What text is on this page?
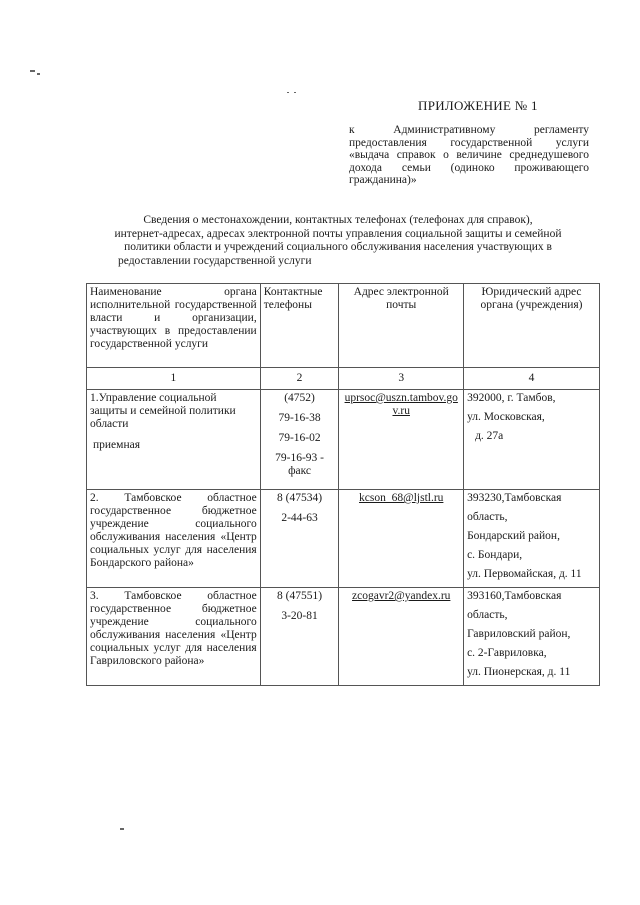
ПРИЛОЖЕНИЕ № 1
к Административному регламенту
предоставления государственной услуги
«выдача справок о величине среднедушевого
дохода семьи (одиноко проживающего
гражданина)»
Сведения о местонахождении, контактных телефонах (телефонах для справок),
интернет-адресах, адресах электронной почты управления социальной защиты и семейной
политики области и учреждений социального обслуживания населения участвующих в
редоставлении государственной услуги
Наименование органа исполнительной государственной власти и организации, участвующих в предоставлении государственной услуги	Контактные телефоны	Адрес электронной почты	Юридический адрес органа (учреждения)
1	2	3	4

1.Управление социальной защиты и семейной политики области
приемная	(4752)
79-16-38
79-16-02
79-16-93 -
факс	uprsoc@uszn.tambov.gov.ru	392000, г. Тамбов,
ул. Московская,
д. 27а

2. Тамбовское областное государственное бюджетное учреждение социального обслуживания населения «Центр социальных услуг для населения Бондарского района»	8 (47534)
2-44-63	kcson_68@ljstl.ru	393230,Тамбовская
область,
Бондарский район,
с. Бондари,
ул. Первомайская, д. 11

3. Тамбовское областное государственное бюджетное учреждение социального обслуживания населения «Центр социальных услуг для населения Гавриловского района»	8 (47551)
3-20-81	zcogavr2@yandex.ru	393160,Тамбовская
область,
Гавриловский район,
с. 2-Гавриловка,
ул. Пионерская, д. 11
